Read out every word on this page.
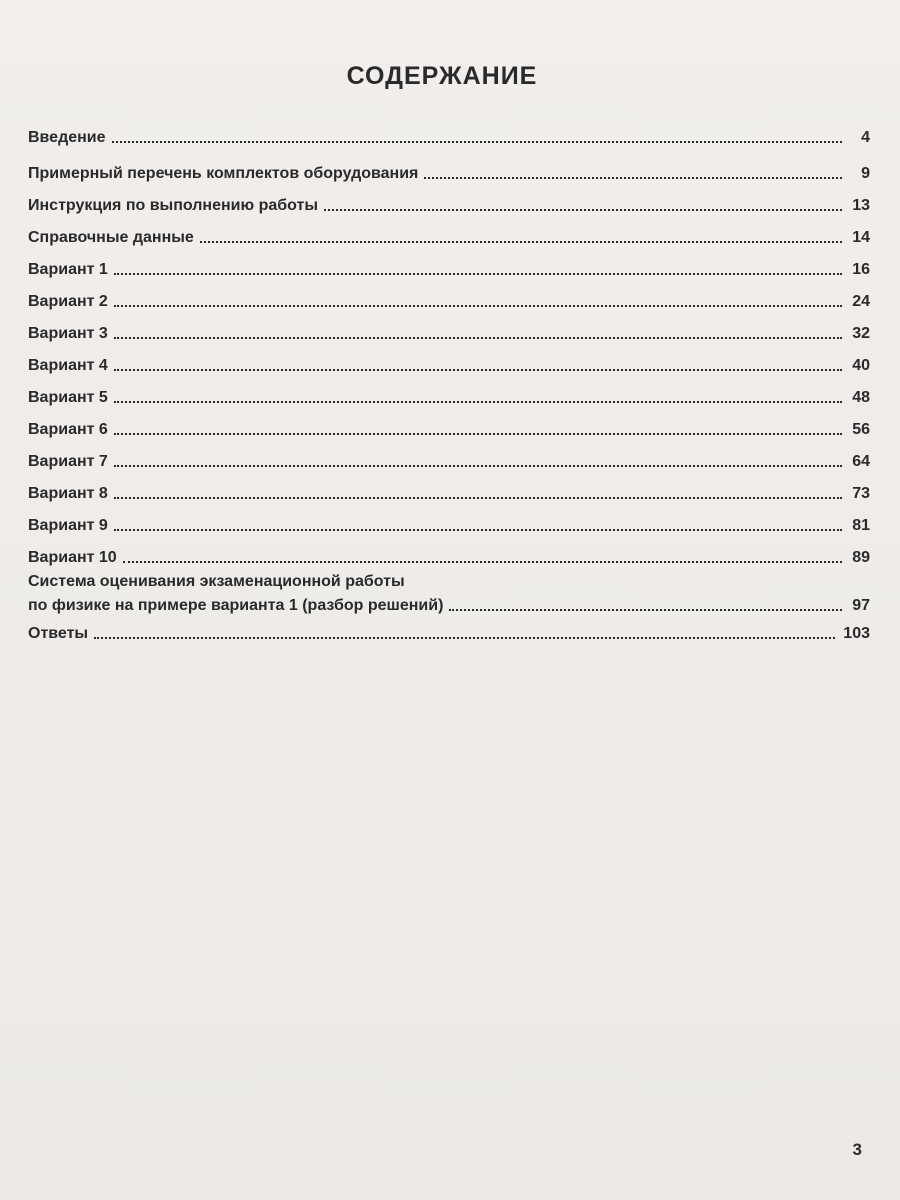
СОДЕРЖАНИЕ
Введение	4
Примерный перечень комплектов оборудования	9
Инструкция по выполнению работы	13
Справочные данные	14
Вариант 1	16
Вариант 2	24
Вариант 3	32
Вариант 4	40
Вариант 5	48
Вариант 6	56
Вариант 7	64
Вариант 8	73
Вариант 9	81
Вариант 10	89
Система оценивания экзаменационной работы
по физике на примере варианта 1 (разбор решений)	97
Ответы	103
3
